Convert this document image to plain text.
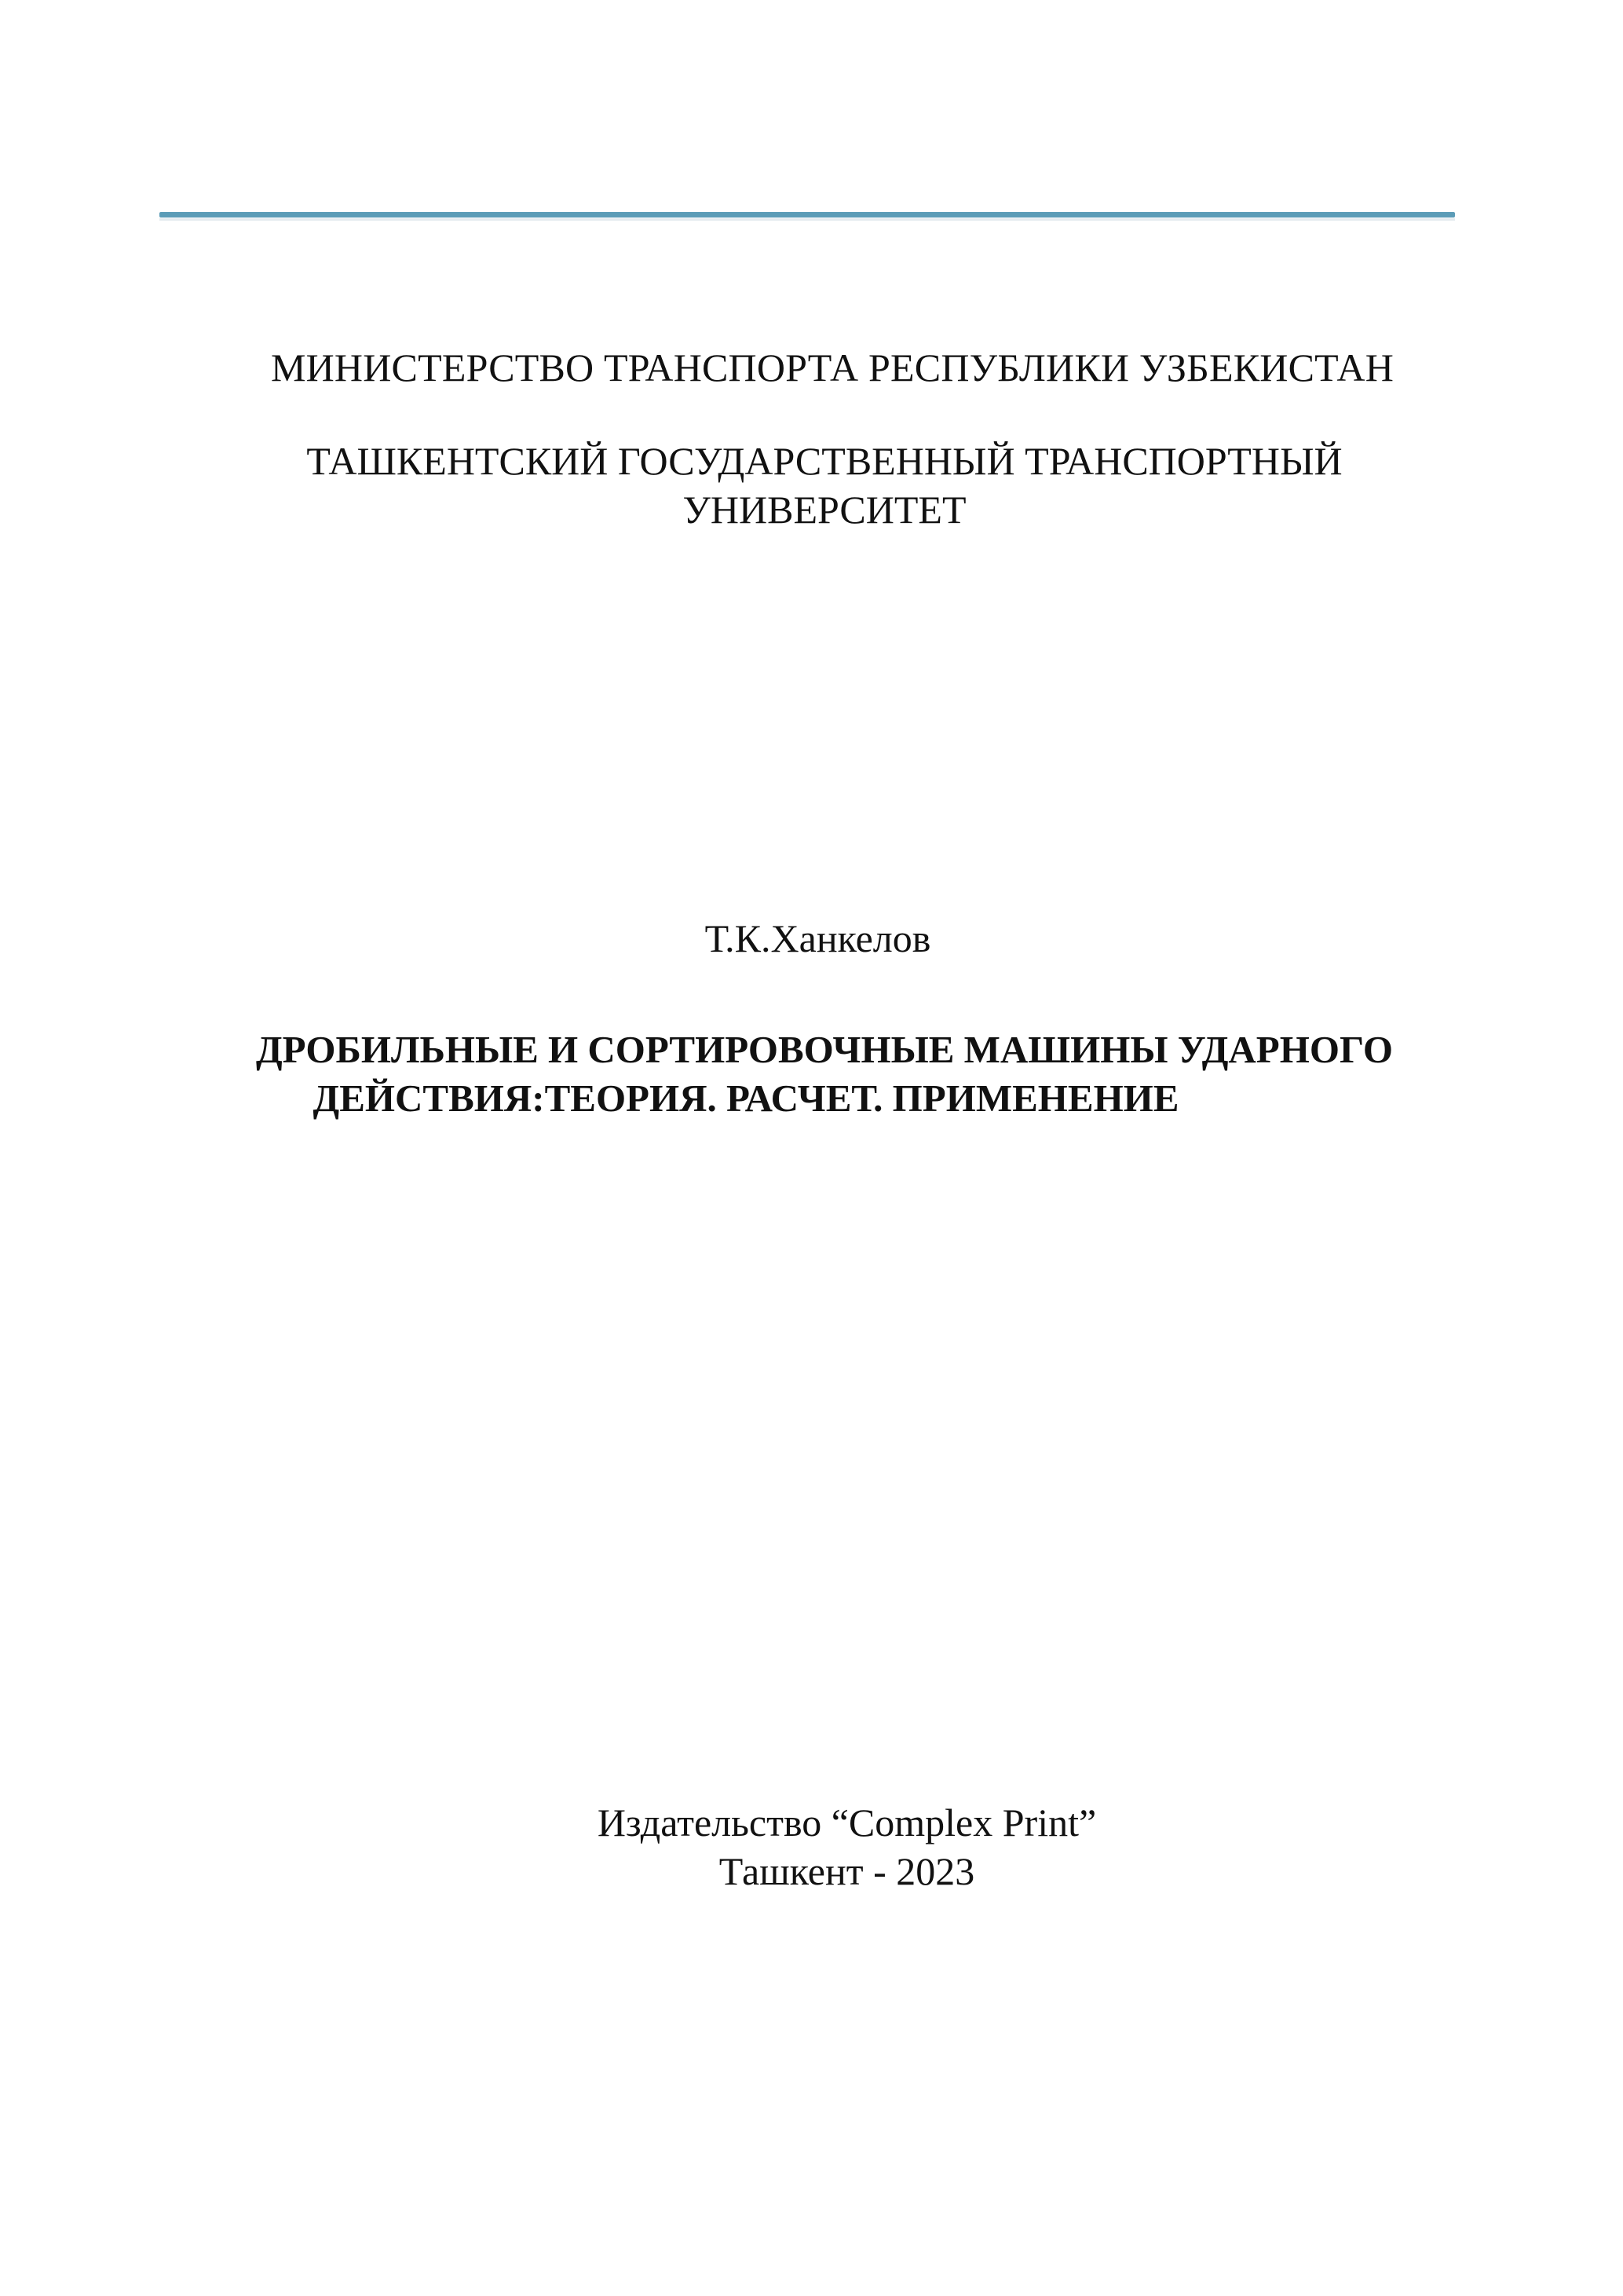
МИНИСТЕРСТВО ТРАНСПОРТА РЕСПУБЛИКИ УЗБЕКИСТАН
ТАШКЕНТСКИЙ ГОСУДАРСТВЕННЫЙ ТРАНСПОРТНЫЙ
УНИВЕРСИТЕТ
Т.К.Ханкелов
ДРОБИЛЬНЫЕ И СОРТИРОВОЧНЫЕ МАШИНЫ УДАРНОГО
ДЕЙСТВИЯ:ТЕОРИЯ. РАСЧЕТ. ПРИМЕНЕНИЕ
Издательство “Complex Print”
Ташкент - 2023
